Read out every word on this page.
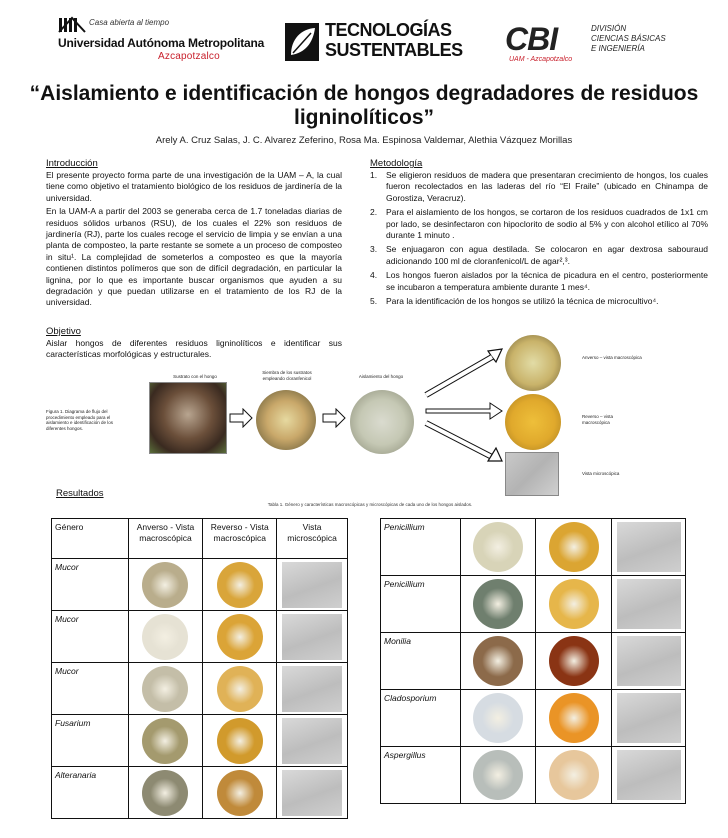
Casa abierta al tiempo
Universidad Autónoma Metropolitana
Azcapotzalco
TECNOLOGÍAS
SUSTENTABLES CBI	DIVISIÓN
CIENCIAS BÁSICAS
E INGENIERÍA
UAM - Azcapotzalco
“Aislamiento e identificación de hongos degradadores de residuos ligninolíticos”
Arely A. Cruz Salas, J. C. Alvarez Zeferino, Rosa Ma. Espinosa Valdemar, Alethia Vázquez Morillas
Introducción

El presente proyecto forma parte de una investigación de la UAM – A, la cual tiene como objetivo el tratamiento biológico de los residuos de jardinería de la universidad.

En la UAM-A a partir del 2003 se generaba cerca de 1.7 toneladas diarias de residuos sólidos urbanos (RSU), de los cuales el 22% son residuos de jardinería (RJ), parte los cuales recoge el servicio de limpia y se envían a una planta de composteo, la parte restante se somete a un proceso de composteo in situ¹. La complejidad de someterlos a composteo es que la mayoría contienen distintos polímeros que son de difícil degradación, en particular la lignina, por lo que es importante buscar organismos que ayuden a su degradación y que puedan utilizarse en el tratamiento de los RJ de la universidad.

Objetivo
Aislar hongos de diferentes residuos ligninolíticos e identificar sus características morfológicas y estructurales.
Metodología
1. Se eligieron residuos de madera que presentaran crecimiento de hongos, los cuales fueron recolectados en las laderas del río “El Fraile” (ubicado en Chinampa de Gorostiza, Veracruz).
2. Para el aislamiento de los hongos, se cortaron de los residuos cuadrados de 1x1 cm por lado, se desinfectaron con hipoclorito de sodio al 5% y con alcohol etílico al 70% durante 1 minuto .
3. Se enjuagaron con agua destilada. Se colocaron en agar dextrosa sabouraud adicionando 100 ml de cloranfenicol/L de agar²,³.
4. Los hongos fueron aislados por la técnica de picadura en el centro, posteriormente se incubaron a temperatura ambiente durante 1 mes⁴.
5. Para la identificación de los hongos se utilizó la técnica de microcultivo⁴.
Figura 1. Diagrama de flujo del procedimiento empleado para el aislamiento e identificación de los diferentes hongos.
Sustrato con el hongo
Siembra de los sustratos empleando cloranfenicol	Aislamiento del hongo
Anverso – vista macroscópica
Reverso – vista macroscópica
Vista microscópica
Resultados
Tabla 1. Género y características macroscópicas y microscópicas de cada uno de los hongos aislados.
Género	Anverso - Vista macroscópica	Reverso - Vista macroscópica	Vista microscópica
Mucor	

Mucor	

Mucor	

Fusarium	

Alteranaria	

Penicillium	

Penicillium	

Monilia	

Cladosporium	

Aspergillus	
